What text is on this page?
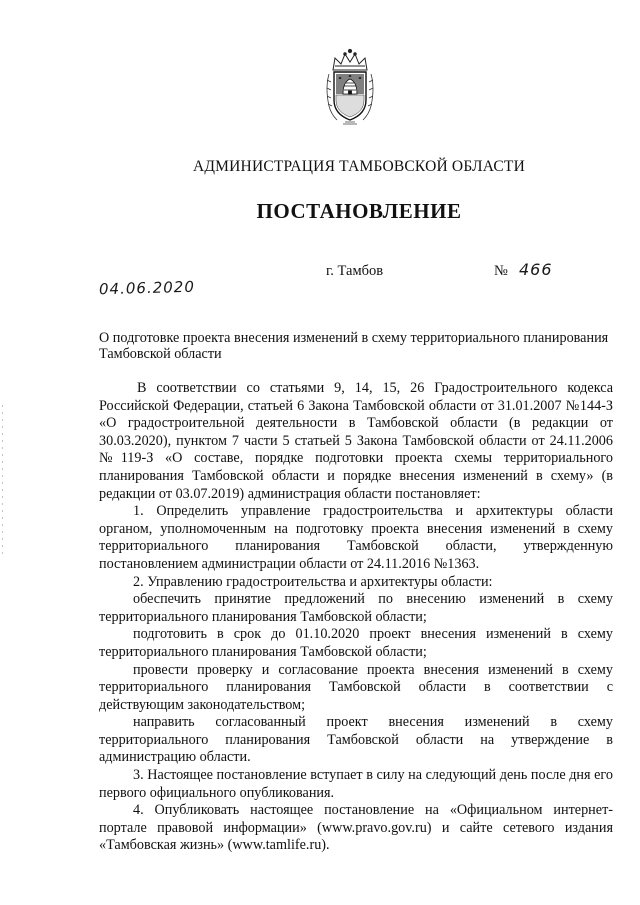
АДМИНИСТРАЦИЯ ТАМБОВСКОЙ ОБЛАСТИ
ПОСТАНОВЛЕНИЕ
04.06.2020
г. Тамбов	№ 466
О подготовке проекта внесения изменений в схему территориального планирования Тамбовской области

В соответствии со статьями 9, 14, 15, 26 Градостроительного кодекса Российской Федерации, статьей 6 Закона Тамбовской области от 31.01.2007 №144-З «О градостроительной деятельности в Тамбовской области (в редакции от 30.03.2020), пунктом 7 части 5 статьей 5 Закона Тамбовской области от 24.11.2006 №119-З «О составе, порядке подготовки проекта схемы территориального планирования Тамбовской области и порядке внесения изменений в схему» (в редакции от 03.07.2019) администрация области постановляет:

1. Определить управление градостроительства и архитектуры области органом, уполномоченным на подготовку проекта внесения изменений в схему территориального планирования Тамбовской области, утвержденную постановлением администрации области от 24.11.2016 №1363.

2. Управлению градостроительства и архитектуры области:

обеспечить принятие предложений по внесению изменений в схему территориального планирования Тамбовской области;

подготовить в срок до 01.10.2020 проект внесения изменений в схему территориального планирования Тамбовской области;

провести проверку и согласование проекта внесения изменений в схему территориального планирования Тамбовской области в соответствии с действующим законодательством;

направить согласованный проект внесения изменений в схему территориального планирования Тамбовской области на утверждение в администрацию области.

3. Настоящее постановление вступает в силу на следующий день после дня его первого официального опубликования.

4. Опубликовать настоящее постановление на «Официальном интернет-портале правовой информации» (www.pravo.gov.ru) и сайте сетевого издания «Тамбовская жизнь» (www.tamlife.ru).
